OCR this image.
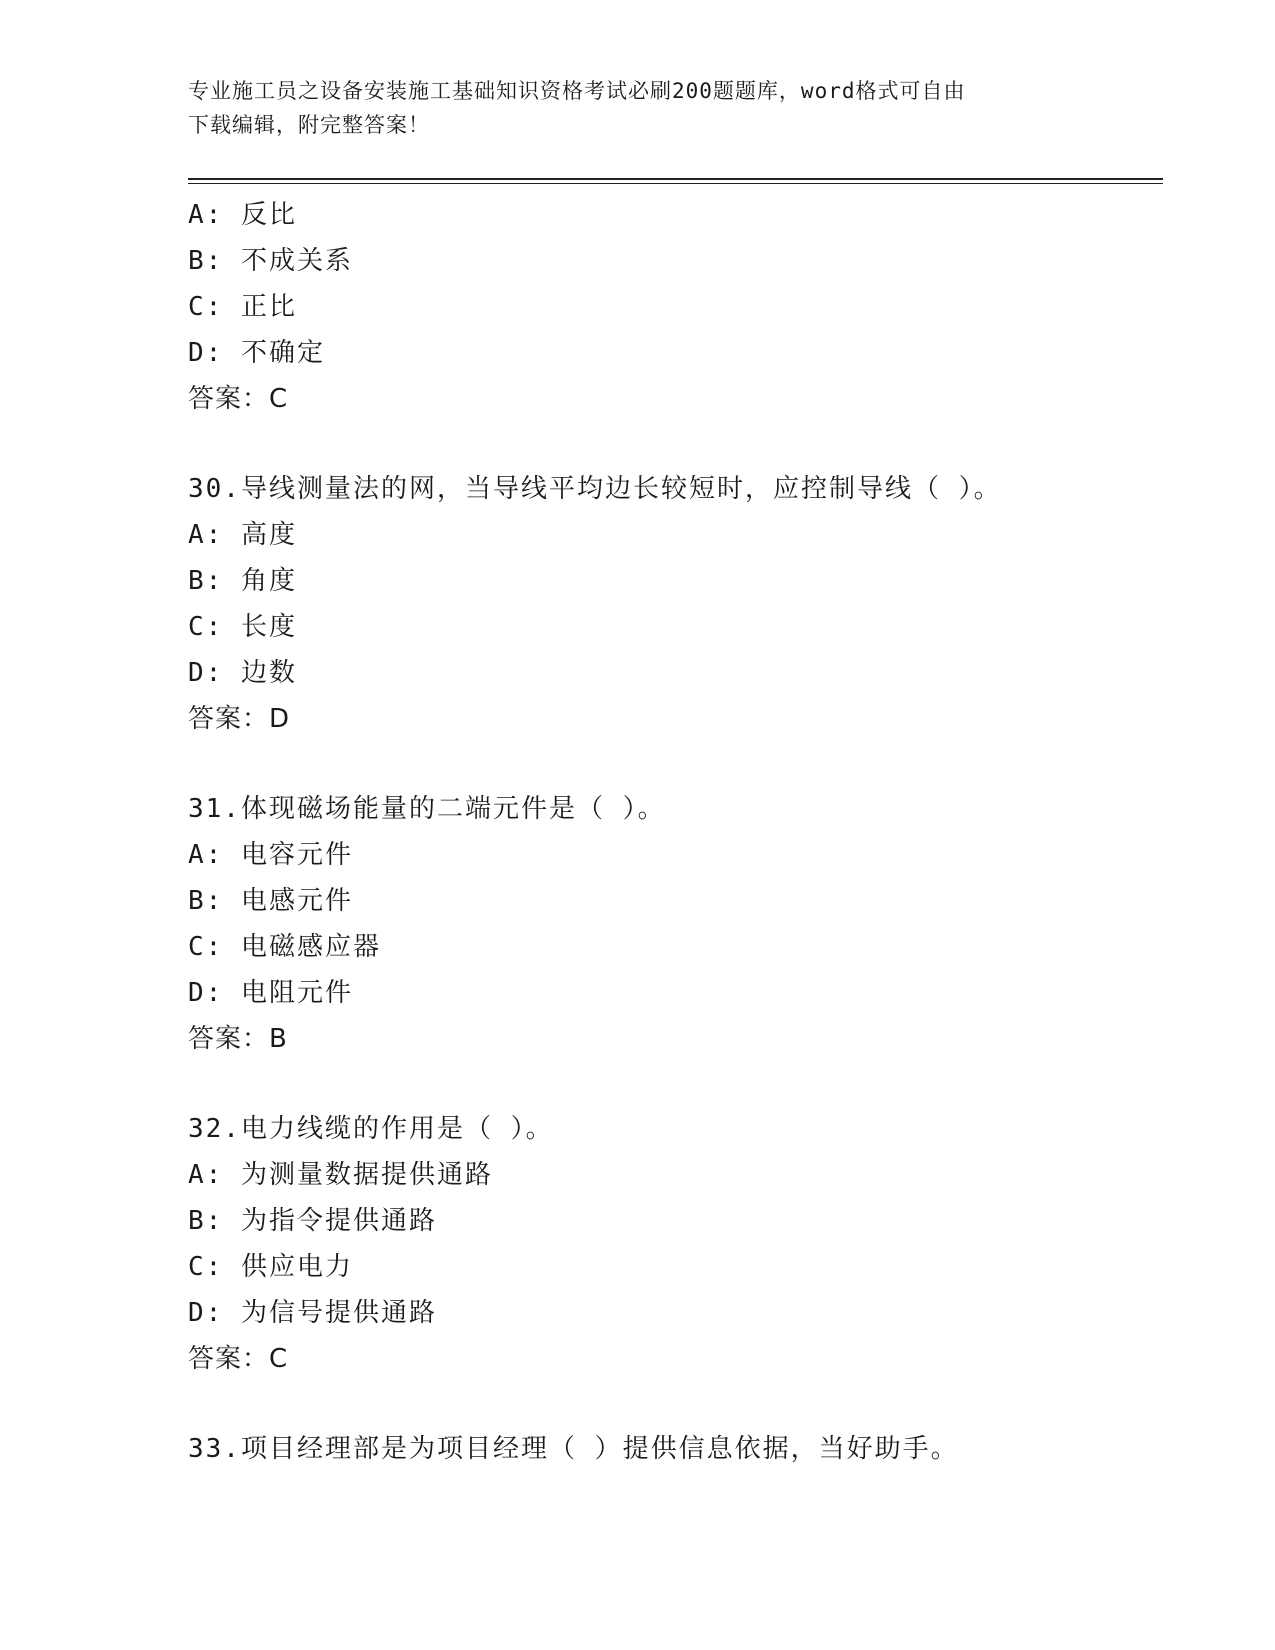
专业施工员之设备安装施工基础知识资格考试必刷200题题库，word格式可自由
下载编辑，附完整答案！
A: 反比
B: 不成关系
C: 正比
D: 不确定
答案：C
30.导线测量法的网，当导线平均边长较短时，应控制导线（ ）。
A: 高度
B: 角度
C: 长度
D: 边数
答案：D
31.体现磁场能量的二端元件是（ ）。
A: 电容元件
B: 电感元件
C: 电磁感应器
D: 电阻元件
答案：B
32.电力线缆的作用是（ ）。
A: 为测量数据提供通路
B: 为指令提供通路
C: 供应电力
D: 为信号提供通路
答案：C
33.项目经理部是为项目经理（ ）提供信息依据，当好助手。
